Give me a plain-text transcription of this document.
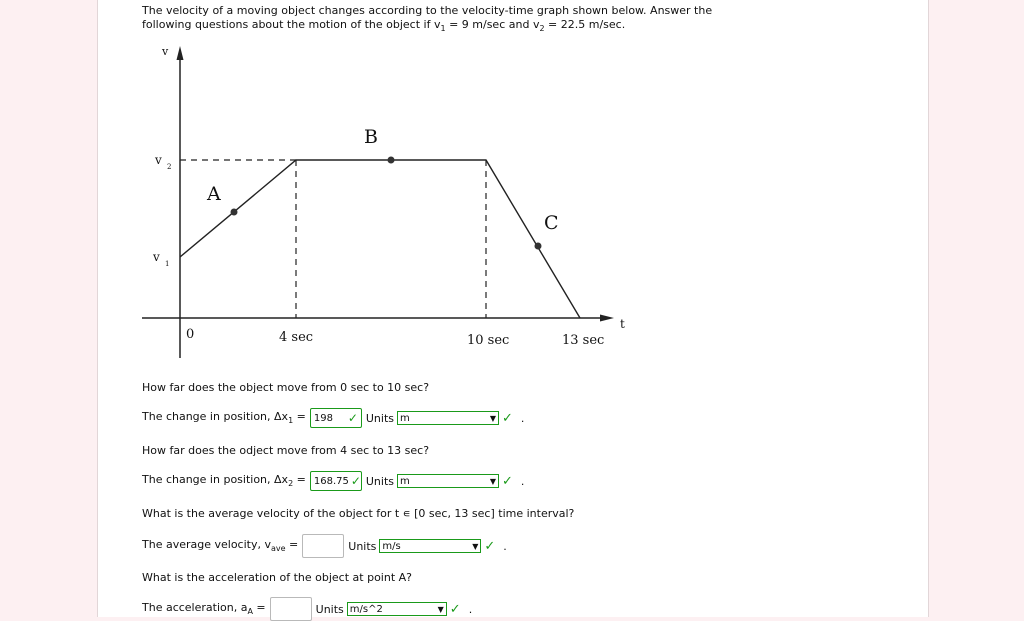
The velocity of a moving object changes according to the velocity-time graph shown below. Answer the
following questions about the motion of the object if $v_1 = 9$ m/sec and $v_2 = 22.5$ m/sec.
v
t
v 2
v 1
A
B
C
0	4 sec	10 sec	13 sec
How far does the object move from 0 sec to 10 sec?
The change in position, $\Delta x_1 = 198$	✓ Units m	▼ ✓ .
How far does the odject move from 4 sec to 13 sec?
The change in position, $\Delta x_2 = 168.75$ ✓ Units m	▼ ✓ .
What is the average velocity of the object for t ∊ [0 sec, 13 sec] time interval?
The average velocity, $v_{ave}$ =	Units m/s	▼ ✓ .
What is the acceleration of the object at point A?
The acceleration, $a_A$ =	Units m/s^2	▼ ✓ .
